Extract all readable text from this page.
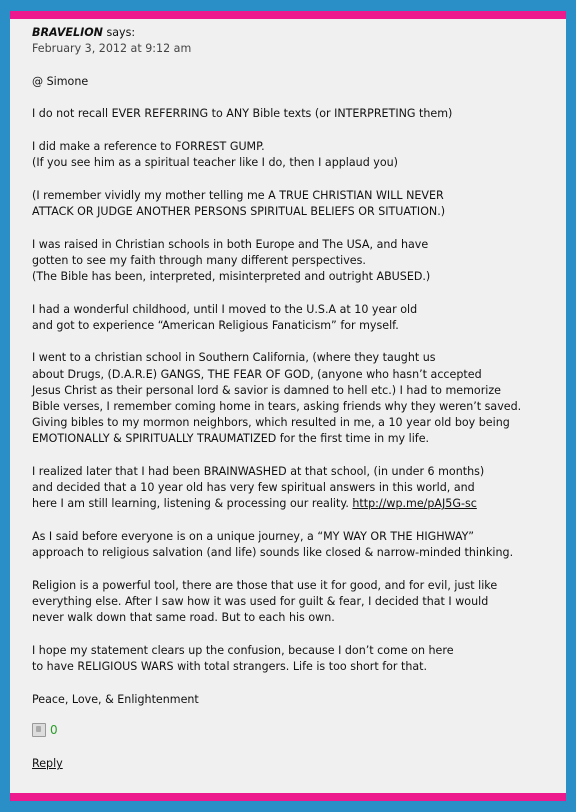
BRAVELION says:
February 3, 2012 at 9:12 am
@ Simone
I do not recall EVER REFERRING to ANY Bible texts (or INTERPRETING them)
I did make a reference to FORREST GUMP.
(If you see him as a spiritual teacher like I do, then I applaud you)
(I remember vividly my mother telling me A TRUE CHRISTIAN WILL NEVER
ATTACK OR JUDGE ANOTHER PERSONS SPIRITUAL BELIEFS OR SITUATION.)
I was raised in Christian schools in both Europe and The USA, and have
gotten to see my faith through many different perspectives.
(The Bible has been, interpreted, misinterpreted and outright ABUSED.)
I had a wonderful childhood, until I moved to the U.S.A at 10 year old
and got to experience “American Religious Fanaticism” for myself.
I went to a christian school in Southern California, (where they taught us
about Drugs, (D.A.R.E) GANGS, THE FEAR OF GOD, (anyone who hasn’t accepted
Jesus Christ as their personal lord & savior is damned to hell etc.) I had to memorize
Bible verses, I remember coming home in tears, asking friends why they weren’t saved.
Giving bibles to my mormon neighbors, which resulted in me, a 10 year old boy being
EMOTIONALLY & SPIRITUALLY TRAUMATIZED for the first time in my life.
I realized later that I had been BRAINWASHED at that school, (in under 6 months)
and decided that a 10 year old has very few spiritual answers in this world, and
here I am still learning, listening & processing our reality. http://wp.me/pAJ5G-sc
As I said before everyone is on a unique journey, a “MY WAY OR THE HIGHWAY”
approach to religious salvation (and life) sounds like closed & narrow-minded thinking.
Religion is a powerful tool, there are those that use it for good, and for evil, just like
everything else. After I saw how it was used for guilt & fear, I decided that I would
never walk down that same road. But to each his own.
I hope my statement clears up the confusion, because I don’t come on here
to have RELIGIOUS WARS with total strangers. Life is too short for that.
Peace, Love, & Enlightenment
0
Reply
